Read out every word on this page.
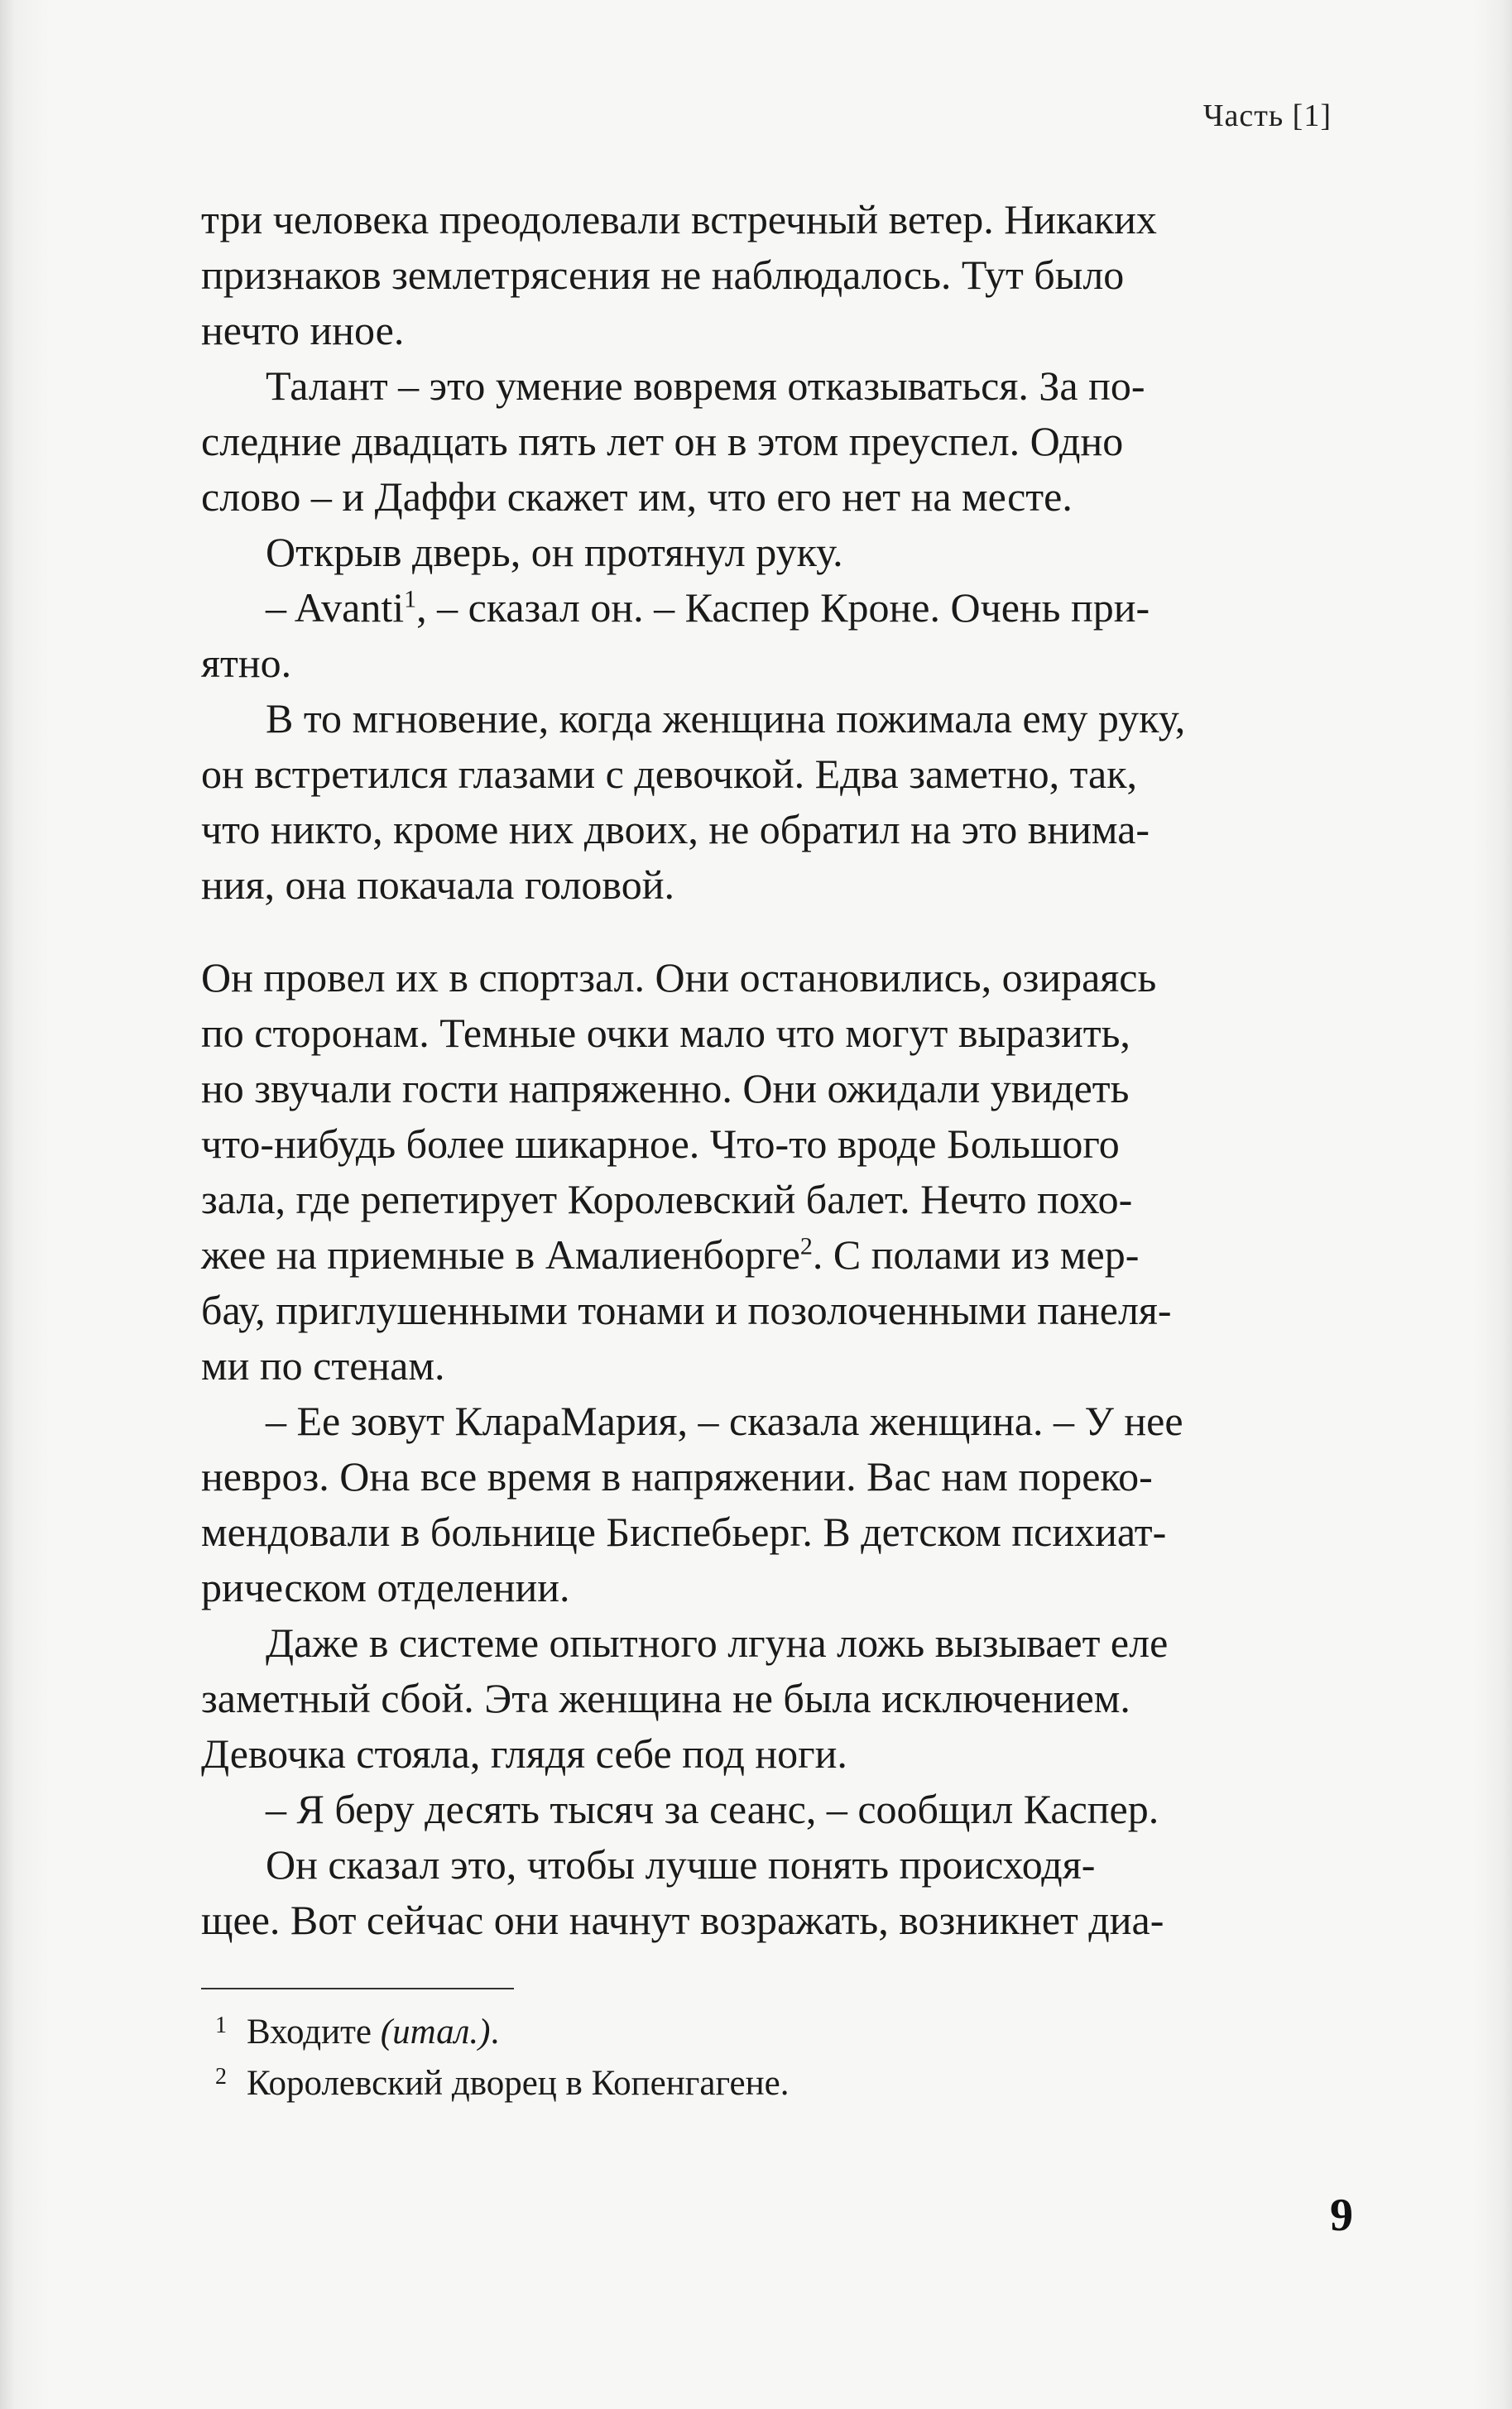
Часть [1]

три человека преодолевали встречный ветер. Никаких
признаков землетрясения не наблюдалось. Тут было
нечто иное.

Талант – это умение вовремя отказываться. За по-
следние двадцать пять лет он в этом преуспел. Одно
слово – и Даффи скажет им, что его нет на месте.

Открыв дверь, он протянул руку.

– Avanti$^1$, – сказал он. – Каспер Кроне. Очень при-
ятно.

В то мгновение, когда женщина пожимала ему руку,
он встретился глазами с девочкой. Едва заметно, так,
что никто, кроме них двоих, не обратил на это внима-
ния, она покачала головой.

Он провел их в спортзал. Они остановились, озираясь
по сторонам. Темные очки мало что могут выразить,
но звучали гости напряженно. Они ожидали увидеть
что-нибудь более шикарное. Что-то вроде Большого
зала, где репетирует Королевский балет. Нечто похо-
жее на приемные в Амалиенборге$^2$. С полами из мер-
бау, приглушенными тонами и позолоченными панеля-
ми по стенам.

– Ее зовут КлараМария, – сказала женщина. – У нее
невроз. Она все время в напряжении. Вас нам пореко-
мендовали в больнице Биспебьерг. В детском психиат-
рическом отделении.

Даже в системе опытного лгуна ложь вызывает еле
заметный сбой. Эта женщина не была исключением.
Девочка стояла, глядя себе под ноги.

– Я беру десять тысяч за сеанс, – сообщил Каспер.

Он сказал это, чтобы лучше понять происходя-
щее. Вот сейчас они начнут возражать, возникнет диа-

1 Входите (итал.).
2 Королевский дворец в Копенгагене.
9
